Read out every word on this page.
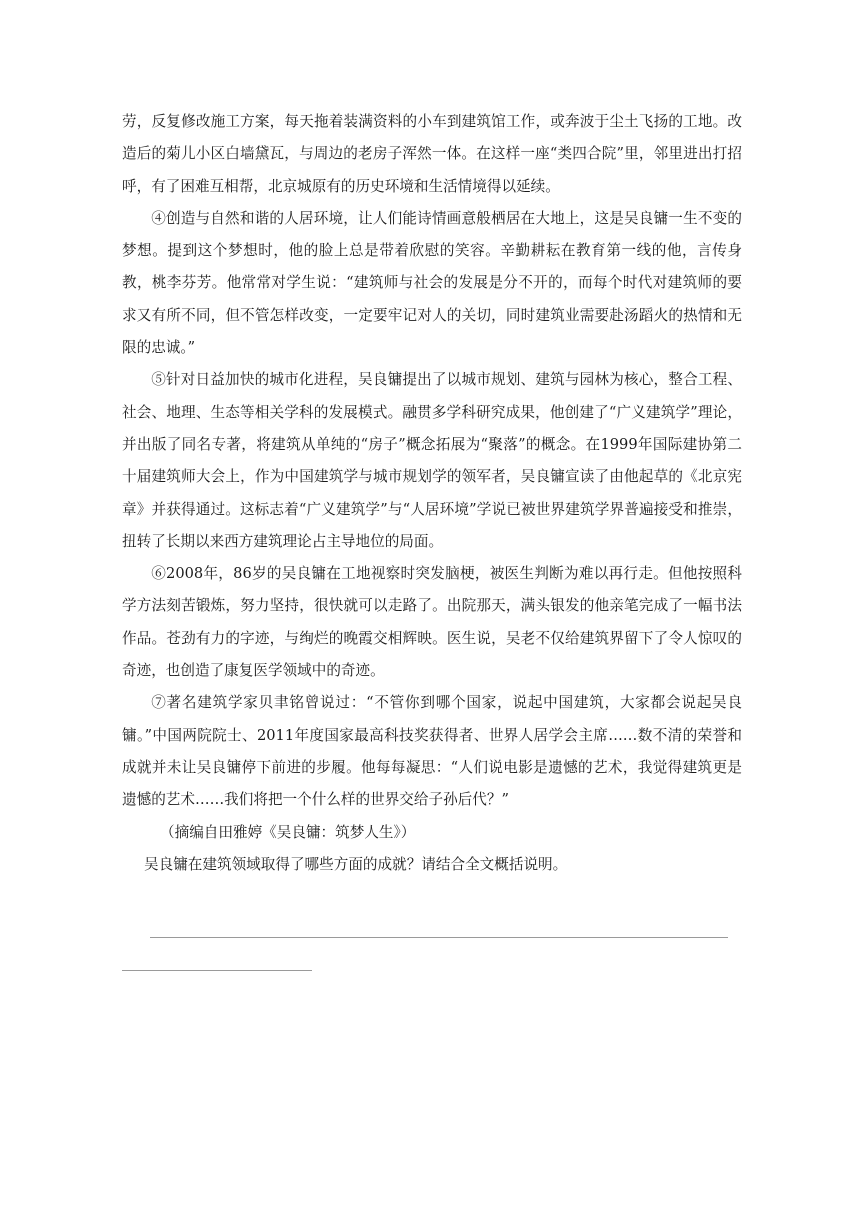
劳，反复修改施工方案，每天拖着装满资料的小车到建筑馆工作，或奔波于尘土飞扬的工地。改造后的菊儿小区白墙黛瓦，与周边的老房子浑然一体。在这样一座“类四合院”里，邻里进出打招呼，有了困难互相帮，北京城原有的历史环境和生活情境得以延续。

④创造与自然和谐的人居环境，让人们能诗情画意般栖居在大地上，这是吴良镛一生不变的梦想。提到这个梦想时，他的脸上总是带着欣慰的笑容。辛勤耕耘在教育第一线的他，言传身教，桃李芬芳。他常常对学生说：“建筑师与社会的发展是分不开的，而每个时代对建筑师的要求又有所不同，但不管怎样改变，一定要牢记对人的关切，同时建筑业需要赴汤蹈火的热情和无限的忠诚。”

⑤针对日益加快的城市化进程，吴良镛提出了以城市规划、建筑与园林为核心，整合工程、社会、地理、生态等相关学科的发展模式。融贯多学科研究成果，他创建了“广义建筑学”理论，并出版了同名专著，将建筑从单纯的“房子”概念拓展为“聚落”的概念。在1999年国际建协第二十届建筑师大会上，作为中国建筑学与城市规划学的领军者，吴良镛宣读了由他起草的《北京宪章》并获得通过。这标志着“广义建筑学”与“人居环境”学说已被世界建筑学界普遍接受和推崇，扭转了长期以来西方建筑理论占主导地位的局面。

⑥2008年，86岁的吴良镛在工地视察时突发脑梗，被医生判断为难以再行走。但他按照科学方法刻苦锻炼，努力坚持，很快就可以走路了。出院那天，满头银发的他亲笔完成了一幅书法作品。苍劲有力的字迹，与绚烂的晚霞交相辉映。医生说，吴老不仅给建筑界留下了令人惊叹的奇迹，也创造了康复医学领域中的奇迹。

⑦著名建筑学家贝聿铭曾说过：“不管你到哪个国家，说起中国建筑，大家都会说起吴良镛。”中国两院院士、2011年度国家最高科技奖获得者、世界人居学会主席……数不清的荣誉和成就并未让吴良镛停下前进的步履。他每每凝思：“人们说电影是遗憾的艺术，我觉得建筑更是遗憾的艺术……我们将把一个什么样的世界交给子孙后代？”

（摘编自田雅婷《吴良镛：筑梦人生》）

吴良镛在建筑领域取得了哪些方面的成就？请结合全文概括说明。
